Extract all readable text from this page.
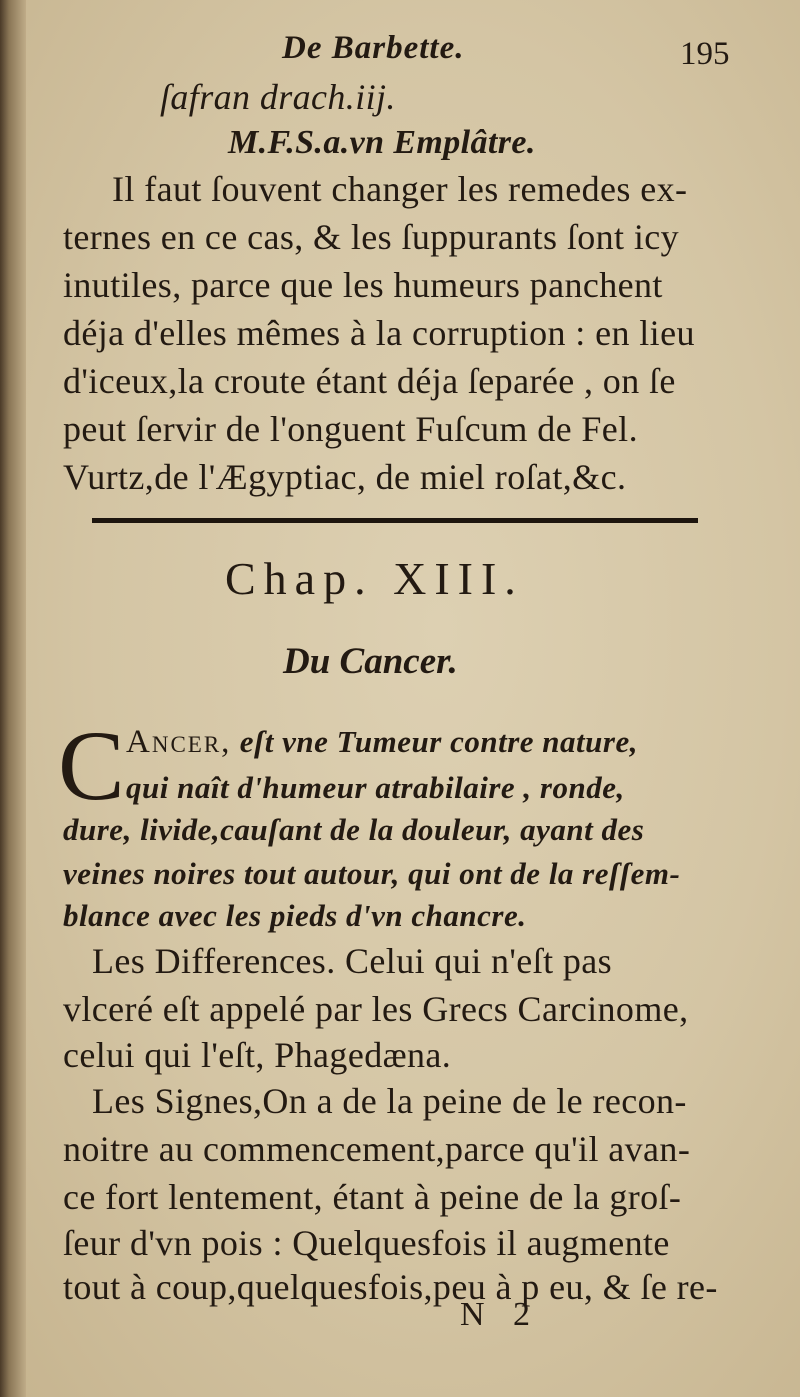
De Barbette.	195
ſafran drach.iij.
M.F.S.a.vn Emplâtre.
Il faut ſouvent changer les remedes ex-
ternes en ce cas, & les ſuppurants ſont icy
inutiles, parce que les humeurs panchent
déja d'elles mêmes à la corruption : en lieu
d'iceux,la croute étant déja ſeparée , on ſe
peut ſervir de l'onguent Fuſcum de Fel.
Vurtz,de l'Ægyptiac, de miel roſat,&c.
Chap. XIII.
Du Cancer.
C Ancer, eſt vne Tumeur contre nature,
qui naît d'humeur atrabilaire , ronde,
dure, livide,cauſant de la douleur, ayant des
veines noires tout autour, qui ont de la reſſem-
blance avec les pieds d'vn chancre.
Les Differences. Celui qui n'eſt pas
vlceré eſt appelé par les Grecs Carcinome,
celui qui l'eſt, Phagedæna.
Les Signes,On a de la peine de le recon-
noitre au commencement,parce qu'il avan-
ce fort lentement, étant à peine de la groſ-
ſeur d'vn pois : Quelquesfois il augmente
tout à coup,quelquesfois,peu à p eu, & ſe re-
N 2
